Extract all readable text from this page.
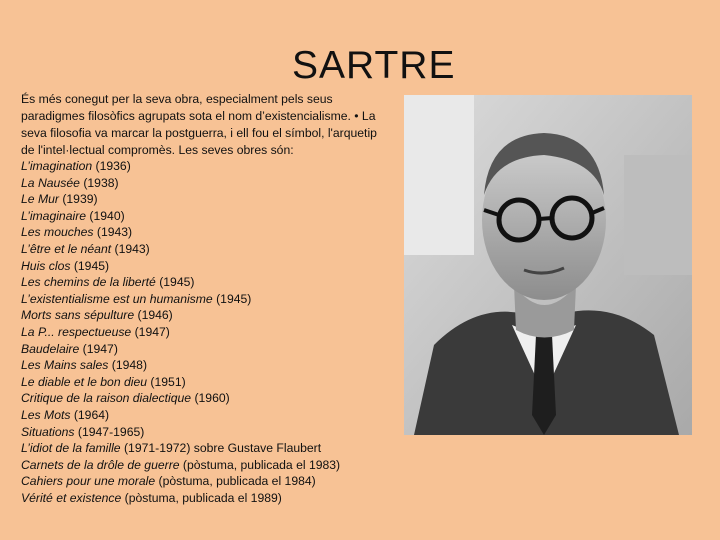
SARTRE
És més conegut per la seva obra, especialment pels seus paradigmes filosòfics agrupats sota el nom d’existencialisme. • La seva filosofia va marcar la postguerra, i ell fou el símbol, l'arquetip de l'intel·lectual compromès. Les seves obres són:
L’imagination (1936)
La Nausée (1938)
Le Mur (1939)
L’imaginaire (1940)
Les mouches (1943)
L’être et le néant (1943)
Huis clos (1945)
Les chemins de la liberté (1945)
L’existentialisme est un humanisme (1945)
Morts sans sépulture (1946)
La P... respectueuse (1947)
Baudelaire (1947)
Les Mains sales (1948)
Le diable et le bon dieu (1951)
Critique de la raison dialectique (1960)
Les Mots (1964)
Situations (1947-1965)
L’idiot de la famille (1971-1972) sobre Gustave Flaubert
Carnets de la drôle de guerre (pòstuma, publicada el 1983)
Cahiers pour une morale (pòstuma, publicada el 1984)
Vérité et existence (pòstuma, publicada el 1989)
